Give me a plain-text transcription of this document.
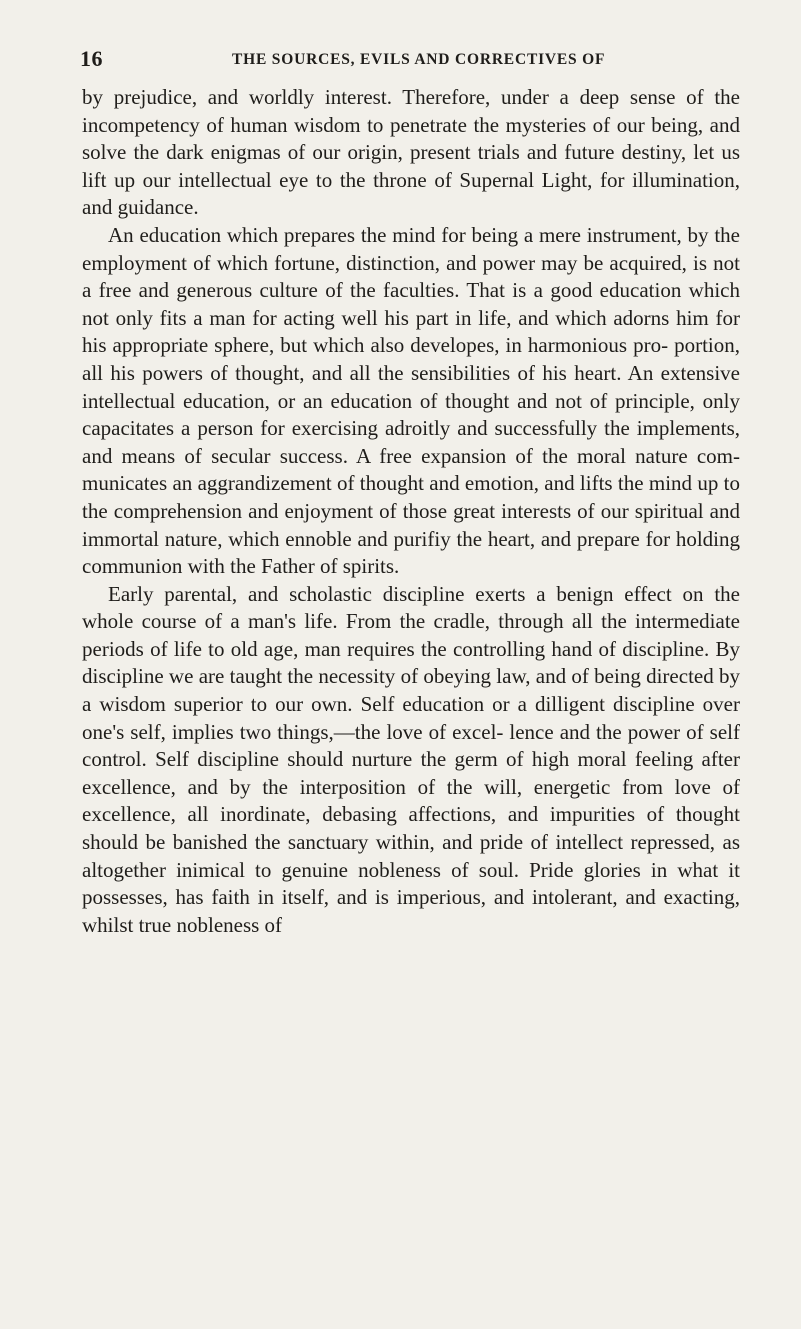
16	THE SOURCES, EVILS AND CORRECTIVES OF

by prejudice, and worldly interest. Therefore, under a deep sense of the incompetency of human wisdom to penetrate the mysteries of our being, and solve the dark enigmas of our origin, present trials and future destiny, let us lift up our intellectual eye to the throne of Supernal Light, for illumination, and guidance.

An education which prepares the mind for being a mere instrument, by the employment of which fortune, distinction, and power may be acquired, is not a free and generous culture of the faculties. That is a good education which not only fits a man for acting well his part in life, and which adorns him for his appropriate sphere, but which also developes, in harmonious pro- portion, all his powers of thought, and all the sensibilities of his heart. An extensive intellectual education, or an education of thought and not of principle, only capacitates a person for exercising adroitly and successfully the implements, and means of secular success. A free expansion of the moral nature com- municates an aggrandizement of thought and emotion, and lifts the mind up to the comprehension and enjoyment of those great interests of our spiritual and immortal nature, which ennoble and purifiy the heart, and prepare for holding communion with the Father of spirits.

Early parental, and scholastic discipline exerts a benign effect on the whole course of a man's life. From the cradle, through all the intermediate periods of life to old age, man requires the controlling hand of discipline. By discipline we are taught the necessity of obeying law, and of being directed by a wisdom superior to our own. Self education or a dilligent discipline over one's self, implies two things,—the love of excel- lence and the power of self control. Self discipline should nurture the germ of high moral feeling after excellence, and by the interposition of the will, energetic from love of excellence, all inordinate, debasing affections, and impurities of thought should be banished the sanctuary within, and pride of intellect repressed, as altogether inimical to genuine nobleness of soul. Pride glories in what it possesses, has faith in itself, and is imperious, and intolerant, and exacting, whilst true nobleness of
